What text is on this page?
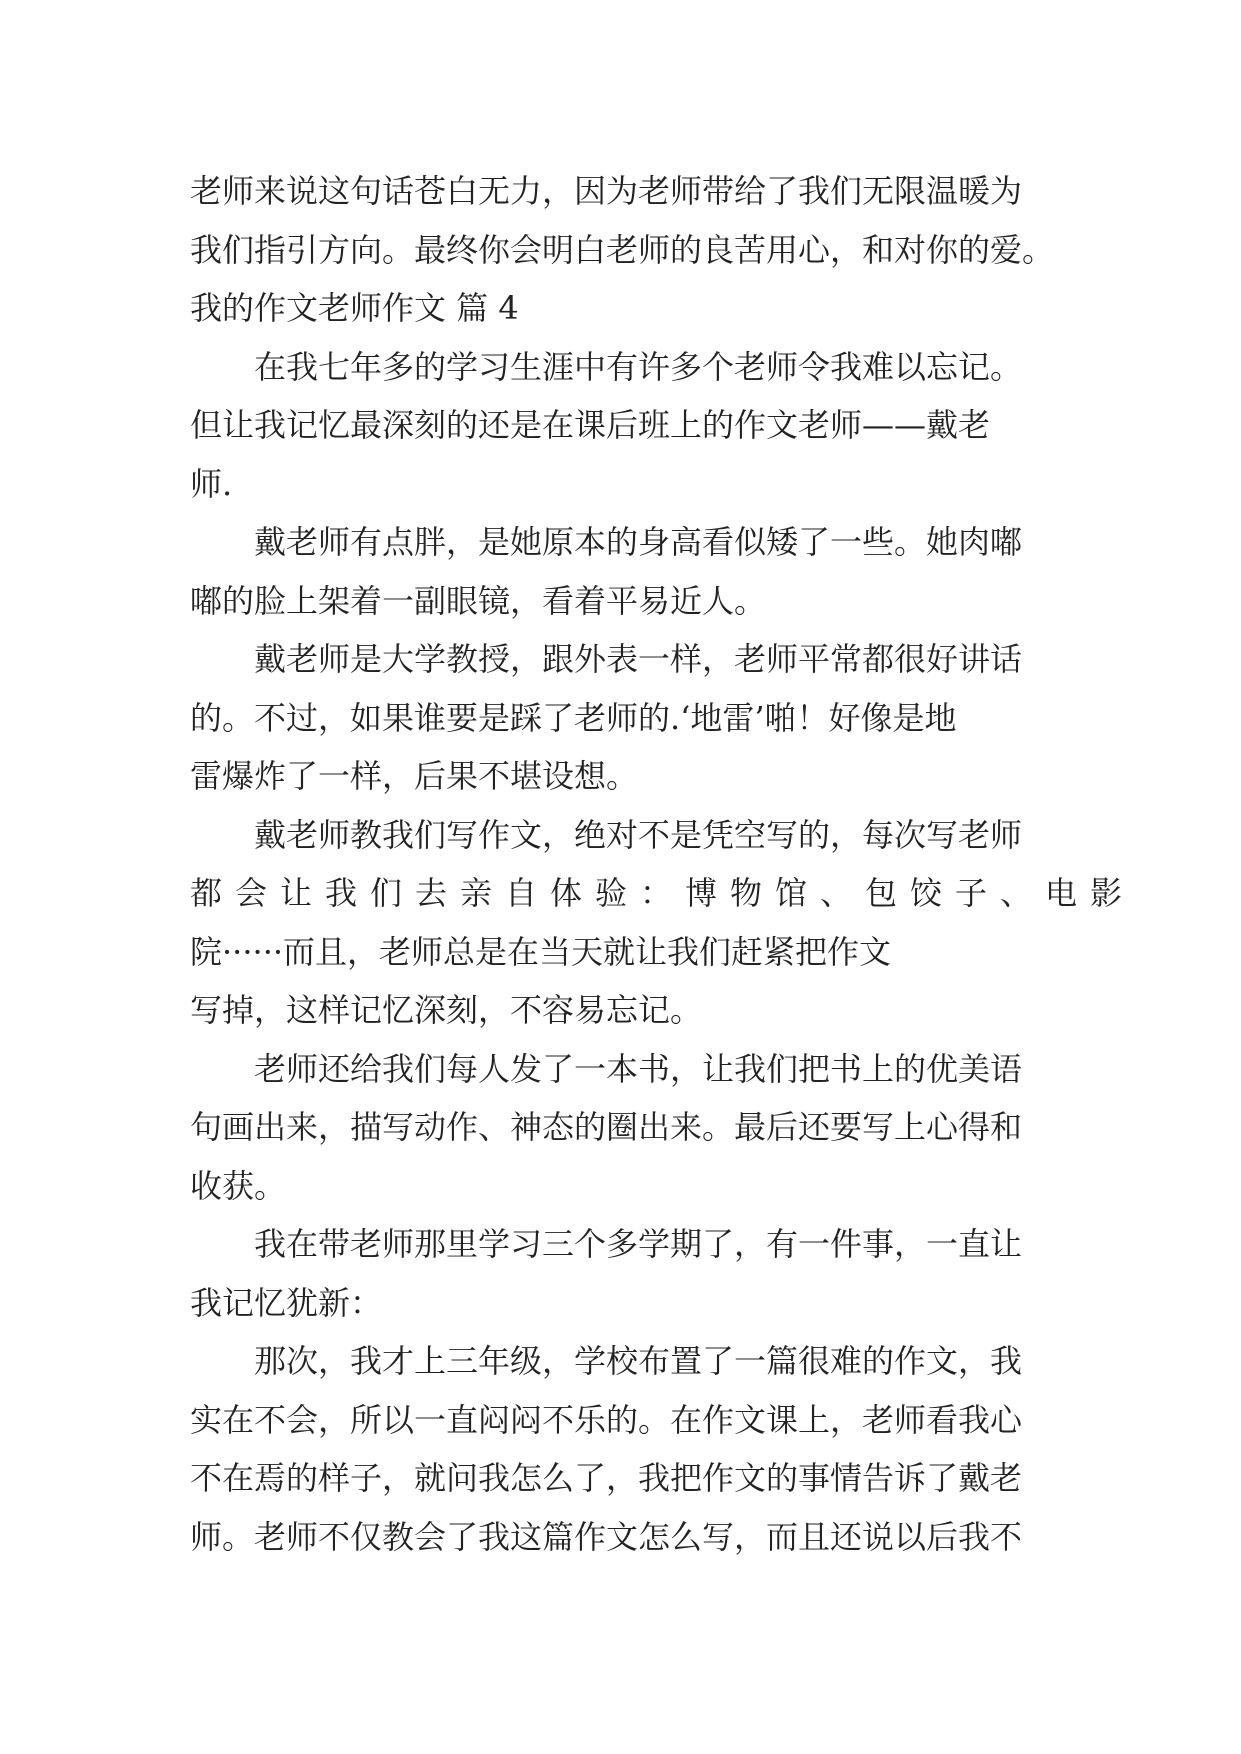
老师来说这句话苍白无力，因为老师带给了我们无限温暖为
我们指引方向。最终你会明白老师的良苦用心，和对你的爱。
我的作文老师作文 篇 4
在我七年多的学习生涯中有许多个老师令我难以忘记。
但让我记忆最深刻的还是在课后班上的作文老师——戴老
师.
戴老师有点胖，是她原本的身高看似矮了一些。她肉嘟
嘟的脸上架着一副眼镜，看着平易近人。
戴老师是大学教授，跟外表一样，老师平常都很好讲话
的。不过，如果谁要是踩了老师的.‘地雷’啪！好像是地
雷爆炸了一样，后果不堪设想。
戴老师教我们写作文，绝对不是凭空写的，每次写老师
都会让我们去亲自体验：博物馆、包饺子、电影
院······而且，老师总是在当天就让我们赶紧把作文
写掉，这样记忆深刻，不容易忘记。
老师还给我们每人发了一本书，让我们把书上的优美语
句画出来，描写动作、神态的圈出来。最后还要写上心得和
收获。
我在带老师那里学习三个多学期了，有一件事，一直让
我记忆犹新：
那次，我才上三年级，学校布置了一篇很难的作文，我
实在不会，所以一直闷闷不乐的。在作文课上，老师看我心
不在焉的样子，就问我怎么了，我把作文的事情告诉了戴老
师。老师不仅教会了我这篇作文怎么写，而且还说以后我不
